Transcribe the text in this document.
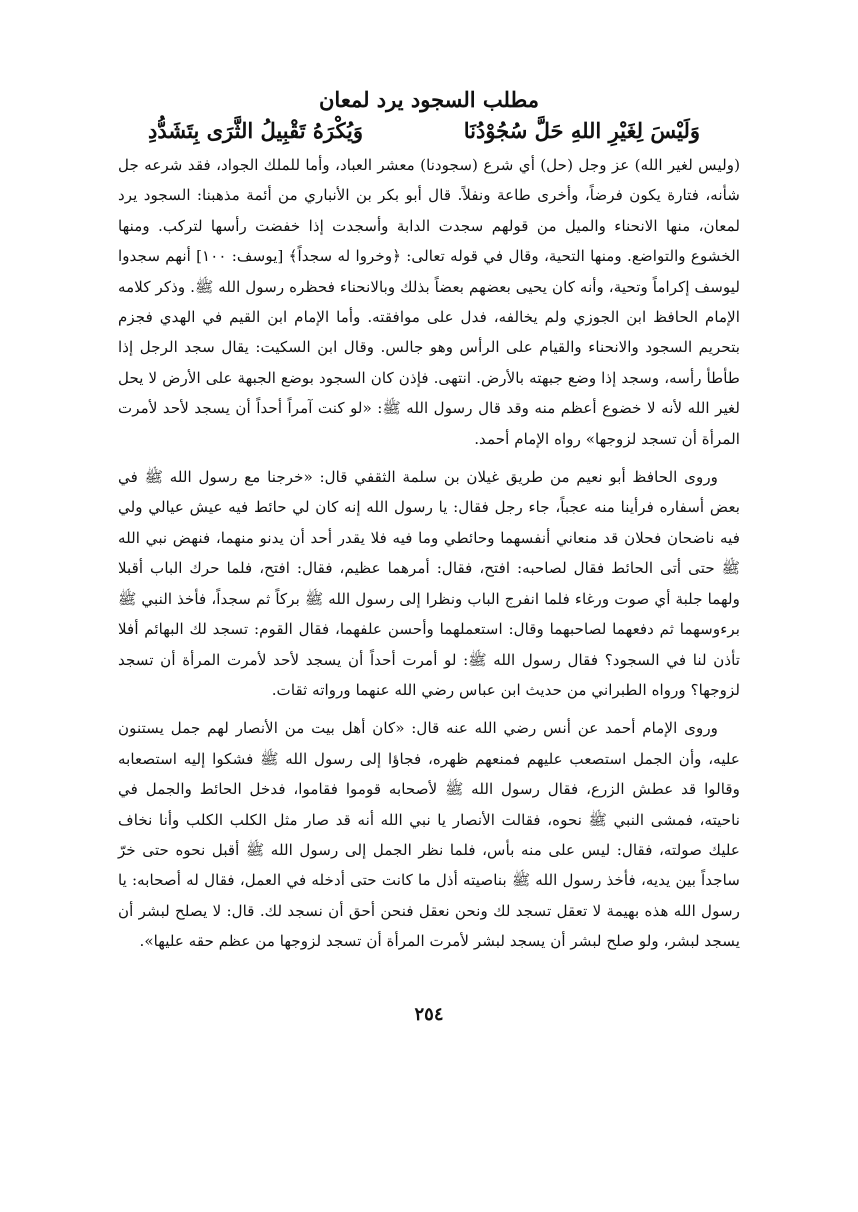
مطلب السجود يرد لمعان
وَلَيْسَ لِغَيْرِ اللهِ حَلَّ سُجُوْدُنَا
وَيُكْرَهُ تَقْبِيلُ الثَّرَى بِتَشَدُّدِ

(وليس لغير الله) عز وجل (حل) أي شرع (سجودنا) معشر العباد، وأما للملك الجواد، فقد شرعه جل شأنه، فتارة يكون فرضاً، وأخرى طاعة ونفلاً. قال أبو بكر بن الأنباري من أئمة مذهبنا: السجود يرد لمعان، منها الانحناء والميل من قولهم سجدت الدابة وأسجدت إذا خفضت رأسها لتركب. ومنها الخشوع والتواضع. ومنها التحية، وقال في قوله تعالى: ﴿وخروا له سجداً﴾ [يوسف: ١٠٠] أنهم سجدوا ليوسف إكراماً وتحية، وأنه كان يحيى بعضهم بعضاً بذلك وبالانحناء فحظره رسول الله ﷺ. وذكر كلامه الإمام الحافظ ابن الجوزي ولم يخالفه، فدل على موافقته. وأما الإمام ابن القيم في الهدي فجزم بتحريم السجود والانحناء والقيام على الرأس وهو جالس. وقال ابن السكيت: يقال سجد الرجل إذا طأطأ رأسه، وسجد إذا وضع جبهته بالأرض. انتهى. فإذن كان السجود بوضع الجبهة على الأرض لا يحل لغير الله لأنه لا خضوع أعظم منه وقد قال رسول الله ﷺ: «لو كنت آمراً أحداً أن يسجد لأحد لأمرت المرأة أن تسجد لزوجها» رواه الإمام أحمد.

وروى الحافظ أبو نعيم من طريق غيلان بن سلمة الثقفي قال: «خرجنا مع رسول الله ﷺ في بعض أسفاره فرأينا منه عجباً، جاء رجل فقال: يا رسول الله إنه كان لي حائط فيه عيش عيالي ولي فيه ناضحان فحلان قد منعاني أنفسهما وحائطي وما فيه فلا يقدر أحد أن يدنو منهما، فنهض نبي الله ﷺ حتى أتى الحائط فقال لصاحبه: افتح، فقال: أمرهما عظيم، فقال: افتح، فلما حرك الباب أقبلا ولهما جلبة أي صوت ورغاء فلما انفرج الباب ونظرا إلى رسول الله ﷺ بركاً ثم سجداً، فأخذ النبي ﷺ برءوسهما ثم دفعهما لصاحبهما وقال: استعملهما وأحسن علفهما، فقال القوم: تسجد لك البهائم أفلا تأذن لنا في السجود؟ فقال رسول الله ﷺ: لو أمرت أحداً أن يسجد لأحد لأمرت المرأة أن تسجد لزوجها؟ ورواه الطبراني من حديث ابن عباس رضي الله عنهما ورواته ثقات.

وروى الإمام أحمد عن أنس رضي الله عنه قال: «كان أهل بيت من الأنصار لهم جمل يستنون عليه، وأن الجمل استصعب عليهم فمنعهم ظهره، فجاؤا إلى رسول الله ﷺ فشكوا إليه استصعابه وقالوا قد عطش الزرع، فقال رسول الله ﷺ لأصحابه قوموا فقاموا، فدخل الحائط والجمل في ناحيته، فمشى النبي ﷺ نحوه، فقالت الأنصار يا نبي الله أنه قد صار مثل الكلب الكلب وأنا نخاف عليك صولته، فقال: ليس على منه بأس، فلما نظر الجمل إلى رسول الله ﷺ أقبل نحوه حتى خرّ ساجداً بين يديه، فأخذ رسول الله ﷺ بناصيته أذل ما كانت حتى أدخله في العمل، فقال له أصحابه: يا رسول الله هذه بهيمة لا تعقل تسجد لك ونحن نعقل فنحن أحق أن نسجد لك. قال: لا يصلح لبشر أن يسجد لبشر، ولو صلح لبشر أن يسجد لبشر لأمرت المرأة أن تسجد لزوجها من عظم حقه عليها».

٢٥٤
